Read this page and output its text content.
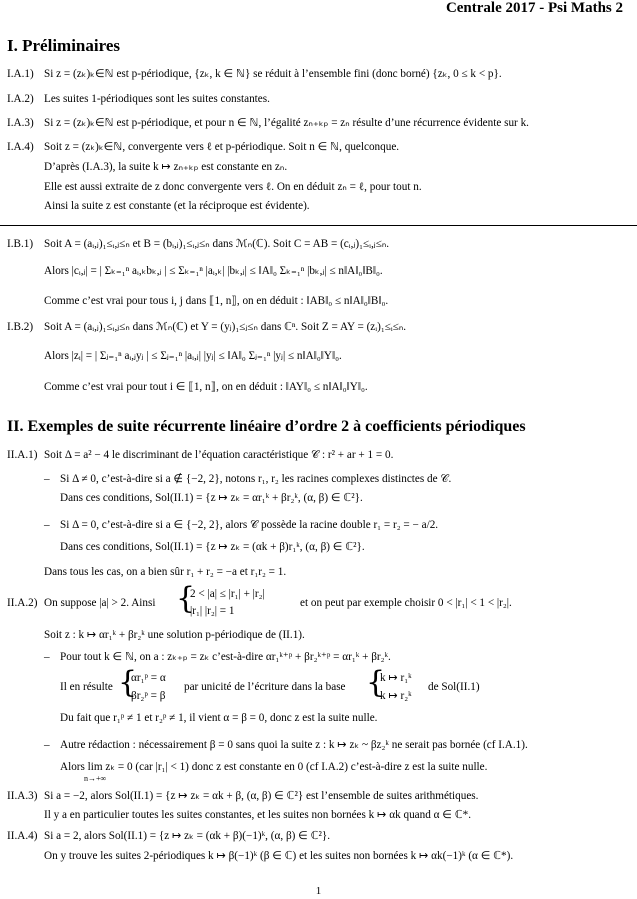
Centrale 2017 - Psi Maths 2
I. Préliminaires
I.A.1) Si z = (zₖ)ₖ∈ℕ est p-périodique, {zₖ, k ∈ ℕ} se réduit à l’ensemble fini (donc borné) {zₖ, 0 ≤ k < p}.
I.A.2) Les suites 1-périodiques sont les suites constantes.
I.A.3) Si z = (zₖ)ₖ∈ℕ est p-périodique, et pour n ∈ ℕ, l’égalité zₙ₊ₖₚ = zₙ résulte d’une récurrence évidente sur k.
I.A.4) Soit z = (zₖ)ₖ∈ℕ, convergente vers ℓ et p-périodique. Soit n ∈ ℕ, quelconque.
D’après (I.A.3), la suite k ↦ zₙ₊ₖₚ est constante en zₙ.
Elle est aussi extraite de z donc convergente vers ℓ. On en déduit zₙ = ℓ, pour tout n.
Ainsi la suite z est constante (et la réciproque est évidente).
I.B.1) Soit A = (aᵢ,ⱼ)₁≤ᵢ,ⱼ≤ₙ et B = (bᵢ,ⱼ)₁≤ᵢ,ⱼ≤ₙ dans ℳₙ(ℂ). Soit C = AB = (cᵢ,ⱼ)₁≤ᵢ,ⱼ≤ₙ.
Alors |cᵢ,ⱼ| = | Σₖ₌₁ⁿ aᵢ,ₖbₖ,ⱼ | ≤ Σₖ₌₁ⁿ |aᵢ,ₖ| |bₖ,ⱼ| ≤ ‖A‖₀ Σₖ₌₁ⁿ |bₖ,ⱼ| ≤ n‖A‖₀‖B‖₀.
Comme c’est vrai pour tous i, j dans ⟦1, n⟧, on en déduit : ‖AB‖₀ ≤ n‖A‖₀‖B‖₀.
I.B.2) Soit A = (aᵢ,ⱼ)₁≤ᵢ,ⱼ≤ₙ dans ℳₙ(ℂ) et Y = (yⱼ)₁≤ⱼ≤ₙ dans ℂⁿ. Soit Z = AY = (zᵢ)₁≤ᵢ≤ₙ.
Alors |zᵢ| = | Σⱼ₌₁ⁿ aᵢ,ⱼyⱼ | ≤ Σⱼ₌₁ⁿ |aᵢ,ⱼ| |yⱼ| ≤ ‖A‖₀ Σⱼ₌₁ⁿ |yⱼ| ≤ n‖A‖₀‖Y‖₀.
Comme c’est vrai pour tout i ∈ ⟦1, n⟧, on en déduit : ‖AY‖₀ ≤ n‖A‖₀‖Y‖₀.
II. Exemples de suite récurrente linéaire d’ordre 2 à coefficients périodiques
II.A.1) Soit Δ = a² − 4 le discriminant de l’équation caractéristique 𝒞 : r² + ar + 1 = 0.
– Si Δ ≠ 0, c’est-à-dire si a ∉ {−2, 2}, notons r₁, r₂ les racines complexes distinctes de 𝒞.
Dans ces conditions, Sol(II.1) = {z ↦ zₖ = αr₁ᵏ + βr₂ᵏ, (α, β) ∈ ℂ²}.
– Si Δ = 0, c’est-à-dire si a ∈ {−2, 2}, alors 𝒞 possède la racine double r₁ = r₂ = − a/2.
Dans ces conditions, Sol(II.1) = {z ↦ zₖ = (αk + β)r₁ᵏ, (α, β) ∈ ℂ²}.
Dans tous les cas, on a bien sûr r₁ + r₂ = −a et r₁r₂ = 1.
II.A.2) On suppose |a| > 2. Ainsi {
2 < |a| ≤ |r₁| + |r₂|
|r₁| |r₂| = 1
et on peut par exemple choisir 0 < |r₁| < 1 < |r₂|.
Soit z : k ↦ αr₁ᵏ + βr₂ᵏ une solution p-périodique de (II.1).
– Pour tout k ∈ ℕ, on a : zₖ₊ₚ = zₖ c’est-à-dire αr₁ᵏ⁺ᵖ + βr₂ᵏ⁺ᵖ = αr₁ᵏ + βr₂ᵏ.
Il en résulte {
αr₁ᵖ = α
βr₂ᵖ = β
par unicité de l’écriture dans la base {
k ↦ r₁ᵏ
k ↦ r₂ᵏ
de Sol(II.1)
Du fait que r₁ᵖ ≠ 1 et r₂ᵖ ≠ 1, il vient α = β = 0, donc z est la suite nulle.
– Autre rédaction : nécessairement β = 0 sans quoi la suite z : k ↦ zₖ ~ βz₂ᵏ ne serait pas bornée (cf I.A.1).
Alors lim zₖ = 0 (car |r₁| < 1) donc z est constante en 0 (cf I.A.2) c’est-à-dire z est la suite nulle.
n→+∞
II.A.3) Si a = −2, alors Sol(II.1) = {z ↦ zₖ = αk + β, (α, β) ∈ ℂ²} est l’ensemble de suites arithmétiques.
Il y a en particulier toutes les suites constantes, et les suites non bornées k ↦ αk quand α ∈ ℂ*.
II.A.4) Si a = 2, alors Sol(II.1) = {z ↦ zₖ = (αk + β)(−1)ᵏ, (α, β) ∈ ℂ²}.
On y trouve les suites 2-périodiques k ↦ β(−1)ᵏ (β ∈ ℂ) et les suites non bornées k ↦ αk(−1)ᵏ (α ∈ ℂ*).
1
